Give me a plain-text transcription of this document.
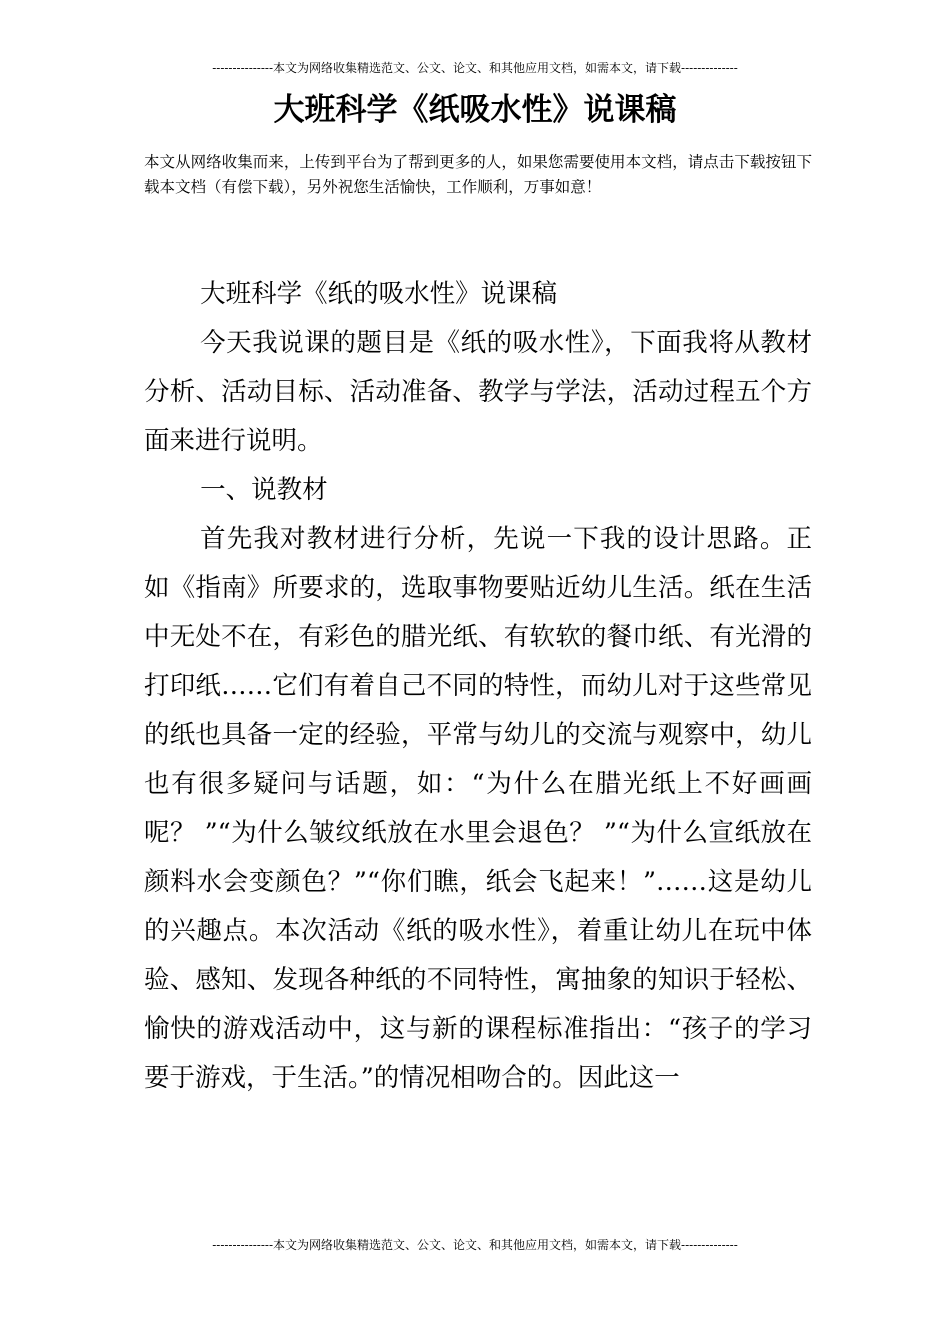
---------------本文为网络收集精选范文、公文、论文、和其他应用文档，如需本文，请下载--------------
大班科学《纸吸水性》说课稿

本文从网络收集而来，上传到平台为了帮到更多的人，如果您需要使用本文档，请点击下载按钮下载本文档（有偿下载），另外祝您生活愉快，工作顺利，万事如意！

大班科学《纸的吸水性》说课稿

今天我说课的题目是《纸的吸水性》，下面我将从教材分析、活动目标、活动准备、教学与学法，活动过程五个方面来进行说明。

一、说教材

首先我对教材进行分析，先说一下我的设计思路。正如《指南》所要求的，选取事物要贴近幼儿生活。纸在生活中无处不在，有彩色的腊光纸、有软软的餐巾纸、有光滑的打印纸……它们有着自己不同的特性，而幼儿对于这些常见的纸也具备一定的经验，平常与幼儿的交流与观察中，幼儿也有很多疑问与话题，如：“为什么在腊光纸上不好画画呢？ ”“为什么皱纹纸放在水里会退色？ ”“为什么宣纸放在颜料水会变颜色？”“你们瞧，纸会飞起来！”……这是幼儿的兴趣点。本次活动《纸的吸水性》，着重让幼儿在玩中体验、感知、发现各种纸的不同特性，寓抽象的知识于轻松、愉快的游戏活动中，这与新的课程标准指出：“孩子的学习要于游戏，于生活。”的情况相吻合的。因此这一

---------------本文为网络收集精选范文、公文、论文、和其他应用文档，如需本文，请下载--------------
